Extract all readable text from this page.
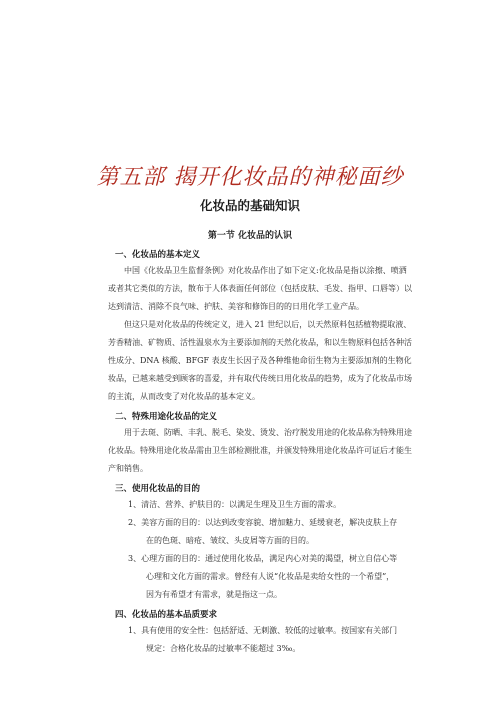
第五部 揭开化妆品的神秘面纱
化妆品的基础知识
第一节 化妆品的认识
一、化妆品的基本定义
中国《化妆品卫生监督条例》对化妆品作出了如下定义:化妆品是指以涂擦、喷洒
或者其它类似的方法，散布于人体表面任何部位（包括皮肤、毛发、指甲、口唇等）以
达到清洁、消除不良气味、护肤、美容和修饰目的的日用化学工业产品。
但这只是对化妆品的传统定义，进入 21 世纪以后，以天然原料包括植物提取液、
芳香精油、矿物质、活性温泉水为主要添加剂的天然化妆品，和以生物原料包括各种活
性成分、DNA 核酸、BFGF 表皮生长因子及各种维他命衍生物为主要添加剂的生物化
妆品，已越来越受到顾客的喜爱，并有取代传统日用化妆品的趋势，成为了化妆品市场
的主流，从而改变了对化妆品的基本定义。
二、特殊用途化妆品的定义
用于去斑、防晒、丰乳、脱毛、染发、烫发、治疗脱发用途的化妆品称为特殊用途
化妆品。特殊用途化妆品需由卫生部检测批准，并颁发特殊用途化妆品许可证后才能生
产和销售。
三、使用化妆品的目的
1、清洁、营养、护肤目的：以满足生理及卫生方面的需求。
2、美容方面的目的：以达到改变容貌、增加魅力、延缓衰老，解决皮肤上存
在的色斑、暗疮、皱纹、头皮屑等方面的目的。
3、心理方面的目的：通过使用化妆品，满足内心对美的渴望，树立自信心等
心理和文化方面的需求。曾经有人说“化妆品是卖给女性的一个希望”，
因为有希望才有需求，就是指这一点。
四、化妆品的基本品质要求
1、具有使用的安全性：包括舒适、无刺激、较低的过敏率。按国家有关部门
规定：合格化妆品的过敏率不能超过 3‰。
